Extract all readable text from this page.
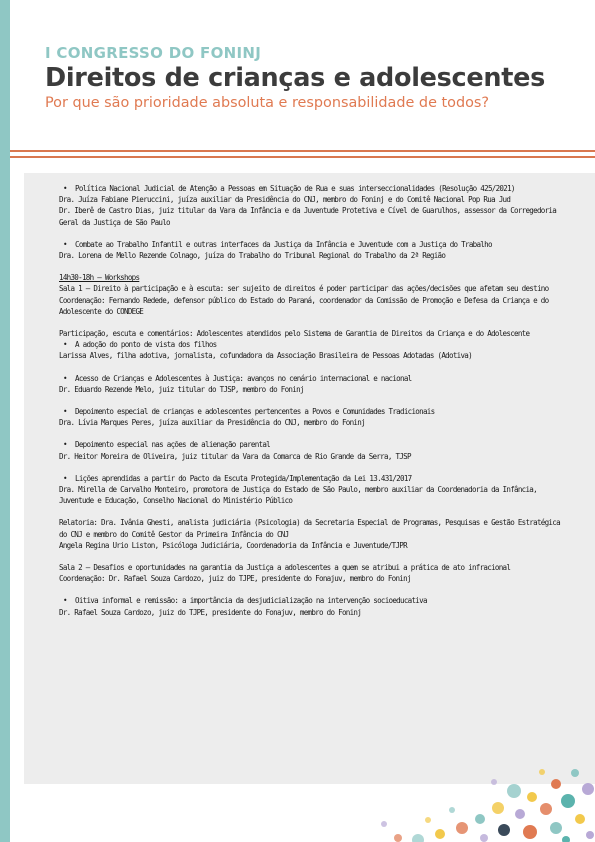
I CONGRESSO DO FONINJ
Direitos de crianças e adolescentes
Por que são prioridade absoluta e responsabilidade de todos?

• Política Nacional Judicial de Atenção a Pessoas em Situação de Rua e suas interseccionalidades (Resolução 425/2021)

Dra. Juíza Fabiane Pieruccini, juíza auxiliar da Presidência do CNJ, membro do Foninj e do Comitê Nacional Pop Rua Jud

Dr. Iberê de Castro Dias, juiz titular da Vara da Infância e da Juventude Protetiva e Cível de Guarulhos, assessor da Corregedoria Geral da Justiça de São Paulo

• Combate ao Trabalho Infantil e outras interfaces da Justiça da Infância e Juventude com a Justiça do Trabalho

Dra. Lorena de Mello Rezende Colnago, juíza do Trabalho do Tribunal Regional do Trabalho da 2ª Região

14h30-18h – Workshops

Sala 1 – Direito à participação e à escuta: ser sujeito de direitos é poder participar das ações/decisões que afetam seu destino

Coordenação: Fernando Redede, defensor público do Estado do Paraná, coordenador da Comissão de Promoção e Defesa da Criança e do Adolescente do CONDEGE

Participação, escuta e comentários: Adolescentes atendidos pelo Sistema de Garantia de Direitos da Criança e do Adolescente

• A adoção do ponto de vista dos filhos

Larissa Alves, filha adotiva, jornalista, cofundadora da Associação Brasileira de Pessoas Adotadas (Adotiva)

• Acesso de Crianças e Adolescentes à Justiça: avanços no cenário internacional e nacional

Dr. Eduardo Rezende Melo, juiz titular do TJSP, membro do Foninj

• Depoimento especial de crianças e adolescentes pertencentes a Povos e Comunidades Tradicionais

Dra. Lívia Marques Peres, juíza auxiliar da Presidência do CNJ, membro do Foninj

• Depoimento especial nas ações de alienação parental

Dr. Heitor Moreira de Oliveira, juiz titular da Vara da Comarca de Rio Grande da Serra, TJSP

• Lições aprendidas a partir do Pacto da Escuta Protegida/Implementação da Lei 13.431/2017

Dra. Mirella de Carvalho Monteiro, promotora de Justiça do Estado de São Paulo, membro auxiliar da Coordenadoria da Infância, Juventude e Educação, Conselho Nacional do Ministério Público

Relatoria: Dra. Ivânia Ghesti, analista judiciária (Psicologia) da Secretaria Especial de Programas, Pesquisas e Gestão Estratégica do CNJ e membro do Comitê Gestor da Primeira Infância do CNJ

Angela Regina Urio Liston, Psicóloga Judiciária, Coordenadoria da Infância e Juventude/TJPR

Sala 2 – Desafios e oportunidades na garantia da Justiça a adolescentes a quem se atribui a prática de ato infracional

Coordenação: Dr. Rafael Souza Cardozo, juiz do TJPE, presidente do Fonajuv, membro do Foninj

• Oitiva informal e remissão: a importância da desjudicialização na intervenção socioeducativa

Dr. Rafael Souza Cardozo, juiz do TJPE, presidente do Fonajuv, membro do Foninj
